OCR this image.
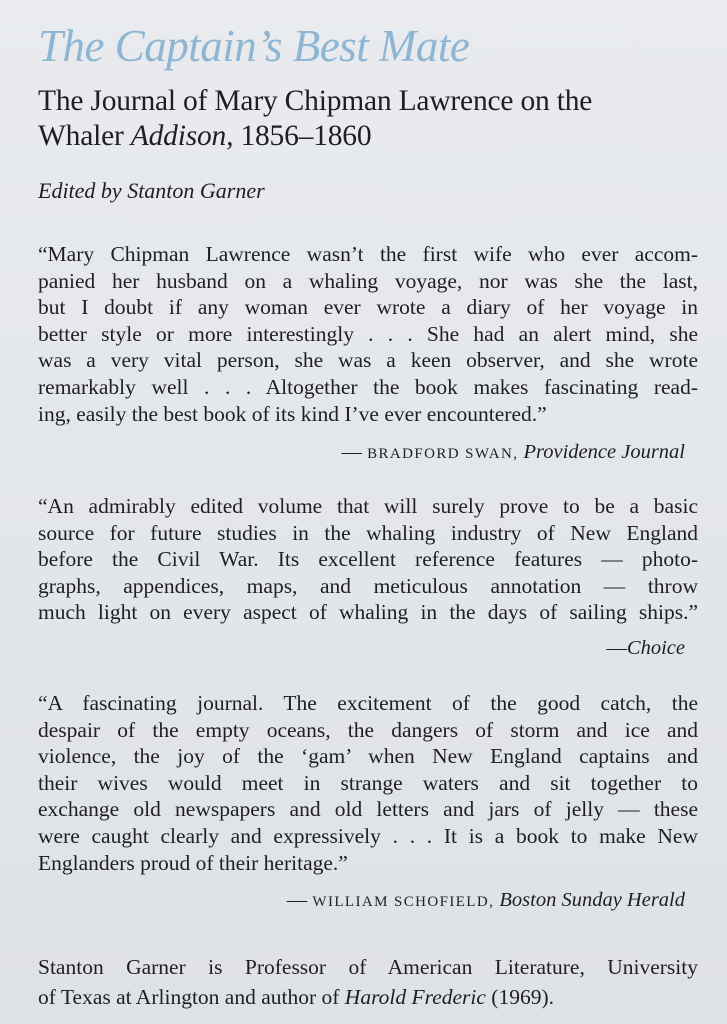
The Captain’s Best Mate
The Journal of Mary Chipman Lawrence on the
Whaler Addison, 1856–1860
Edited by Stanton Garner
“Mary Chipman Lawrence wasn’t the first wife who ever accom-
panied her husband on a whaling voyage, nor was she the last,
but I doubt if any woman ever wrote a diary of her voyage in
better style or more interestingly . . . She had an alert mind, she
was a very vital person, she was a keen observer, and she wrote
remarkably well . . . Altogether the book makes fascinating read-
ing, easily the best book of its kind I’ve ever encountered.”
— BRADFORD SWAN, Providence Journal
“An admirably edited volume that will surely prove to be a basic
source for future studies in the whaling industry of New England
before the Civil War. Its excellent reference features — photo-
graphs, appendices, maps, and meticulous annotation — throw
much light on every aspect of whaling in the days of sailing ships.”
—Choice
“A fascinating journal. The excitement of the good catch, the
despair of the empty oceans, the dangers of storm and ice and
violence, the joy of the ‘gam’ when New England captains and
their wives would meet in strange waters and sit together to
exchange old newspapers and old letters and jars of jelly — these
were caught clearly and expressively . . . It is a book to make New
Englanders proud of their heritage.”
— WILLIAM SCHOFIELD, Boston Sunday Herald
Stanton Garner is Professor of American Literature, University
of Texas at Arlington and author of Harold Frederic (1969).
